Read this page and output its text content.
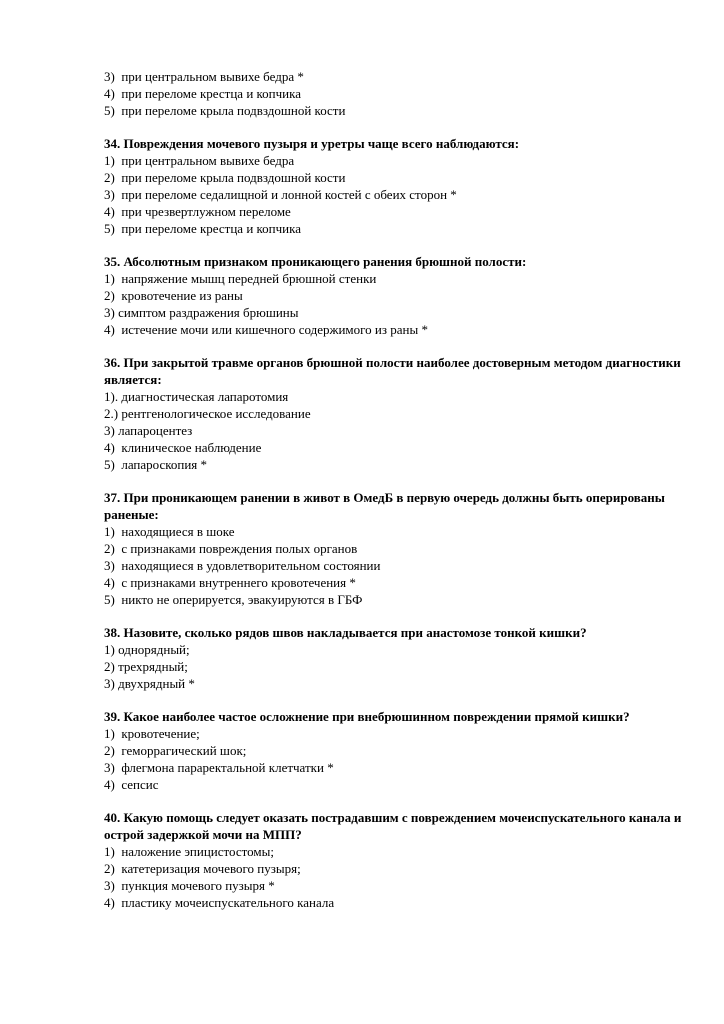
3)  при центральном вывихе бедра *
4)  при переломе крестца и копчика
5)  при переломе крыла подвздошной кости
34. Повреждения мочевого пузыря и уретры чаще всего наблюдаются:
1)  при центральном вывихе бедра
2)  при переломе крыла подвздошной кости
3)  при переломе седалищной и лонной костей с обеих сторон *
4)  при чрезвертлужном переломе
5)  при переломе крестца и копчика
35. Абсолютным признаком проникающего ранения брюшной полости:
1)  напряжение мышц передней брюшной стенки
2)  кровотечение из раны
3) симптом раздражения брюшины
4)  истечение мочи или кишечного содержимого из раны *
36. При закрытой травме органов брюшной полости наиболее достоверным методом диагностики является:
1). диагностическая лапаротомия
2.) рентгенологическое исследование
3) лапароцентез
4)  клиническое наблюдение
5)  лапароскопия *
37. При проникающем ранении в живот в ОмедБ в первую очередь должны быть оперированы раненые:
1)  находящиеся в шоке
2)  с признаками повреждения полых органов
3)  находящиеся в удовлетворительном состоянии
4)  с признаками внутреннего кровотечения *
5)  никто не оперируется, эвакуируются в ГБФ
38. Назовите, сколько рядов швов накладывается при анастомозе тонкой кишки?
1) однорядный;
2) трехрядный;
3) двухрядный *
39. Какое наиболее частое осложнение при внебрюшинном повреждении прямой кишки?
1)  кровотечение;
2)  геморрагический шок;
3)  флегмона параректальной клетчатки *
4)  сепсис
40. Какую помощь следует оказать пострадавшим с повреждением мочеиспускательного канала и острой задержкой мочи на МПП?
1)  наложение эпицистостомы;
2)  катетеризация мочевого пузыря;
3)  пункция мочевого пузыря *
4)  пластику мочеиспускательного канала
